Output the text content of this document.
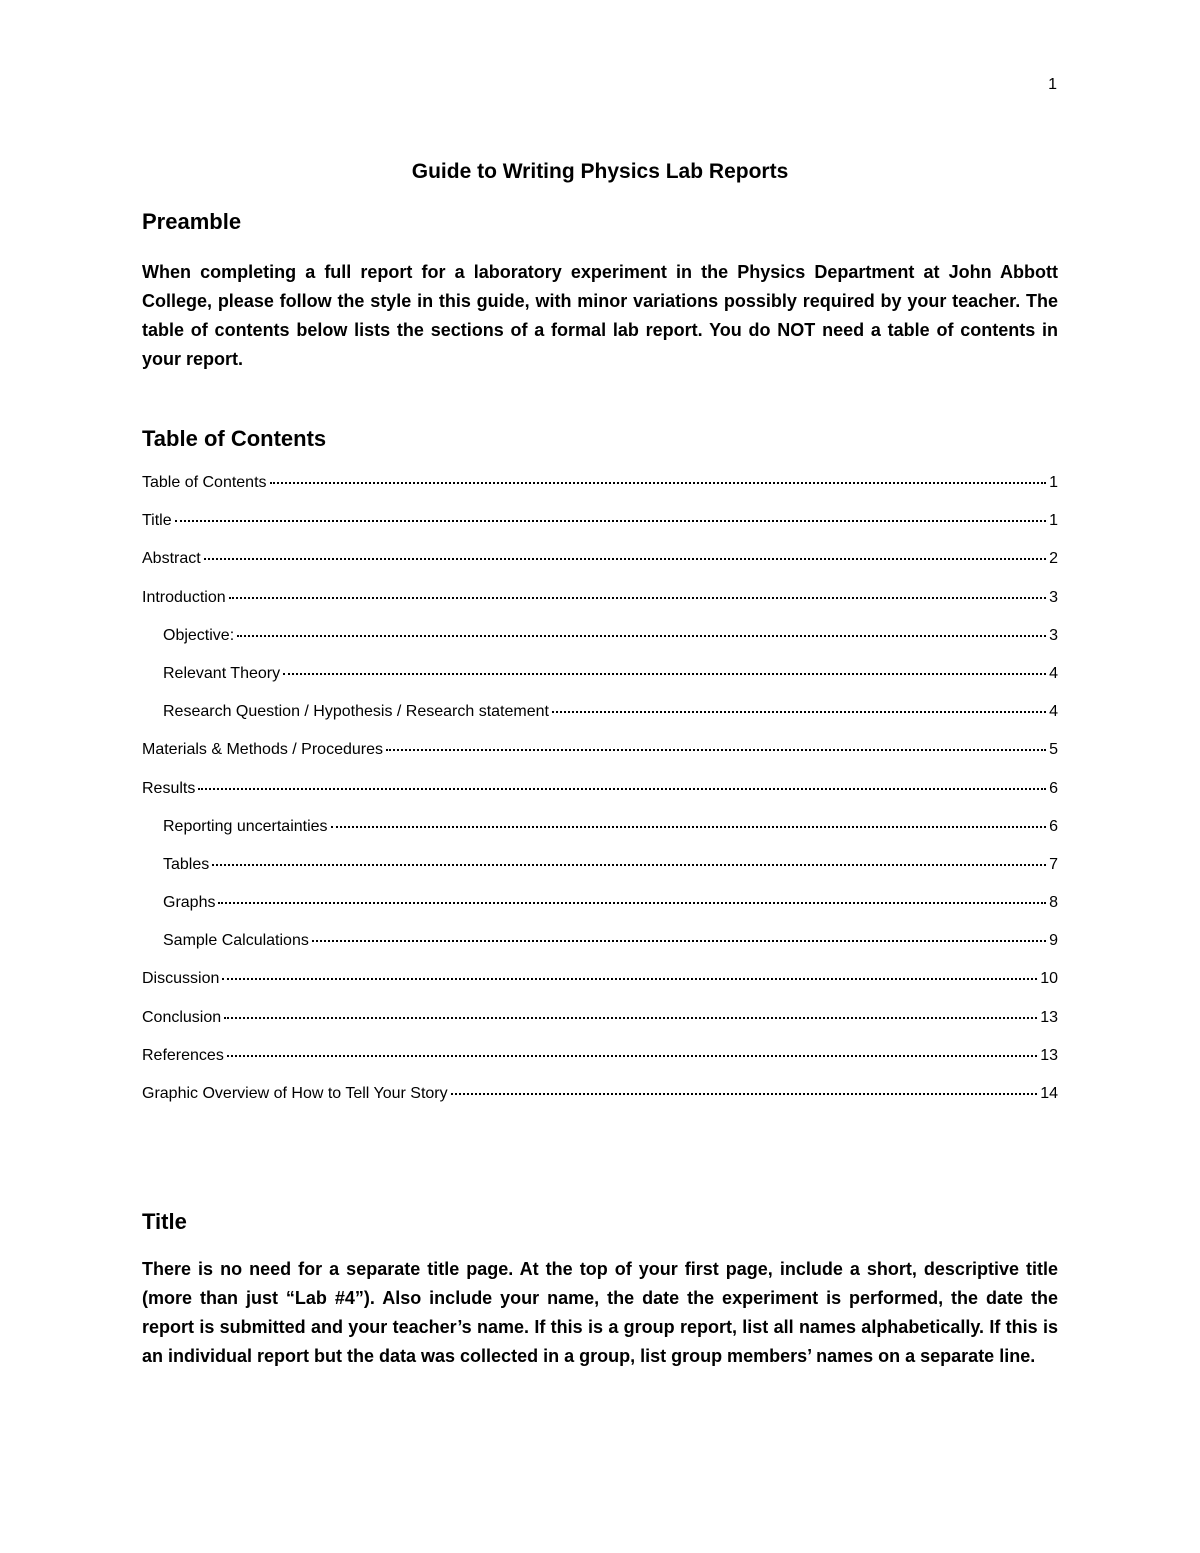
1
Guide to Writing Physics Lab Reports
Preamble

When completing a full report for a laboratory experiment in the Physics Department at John Abbott College, please follow the style in this guide, with minor variations possibly required by your teacher. The table of contents below lists the sections of a formal lab report. You do NOT need a table of contents in your report.

Table of Contents
Table of Contents	1
Title	1
Abstract	2
Introduction	3
Objective:	3
Relevant Theory	4
Research Question / Hypothesis / Research statement	4
Materials & Methods / Procedures	5
Results	6
Reporting uncertainties	6
Tables	7
Graphs	8
Sample Calculations	9
Discussion	10
Conclusion	13
References	13
Graphic Overview of How to Tell Your Story	14
Title

There is no need for a separate title page. At the top of your first page, include a short, descriptive title (more than just “Lab #4”). Also include your name, the date the experiment is performed, the date the report is submitted and your teacher’s name. If this is a group report, list all names alphabetically. If this is an individual report but the data was collected in a group, list group members’ names on a separate line.
